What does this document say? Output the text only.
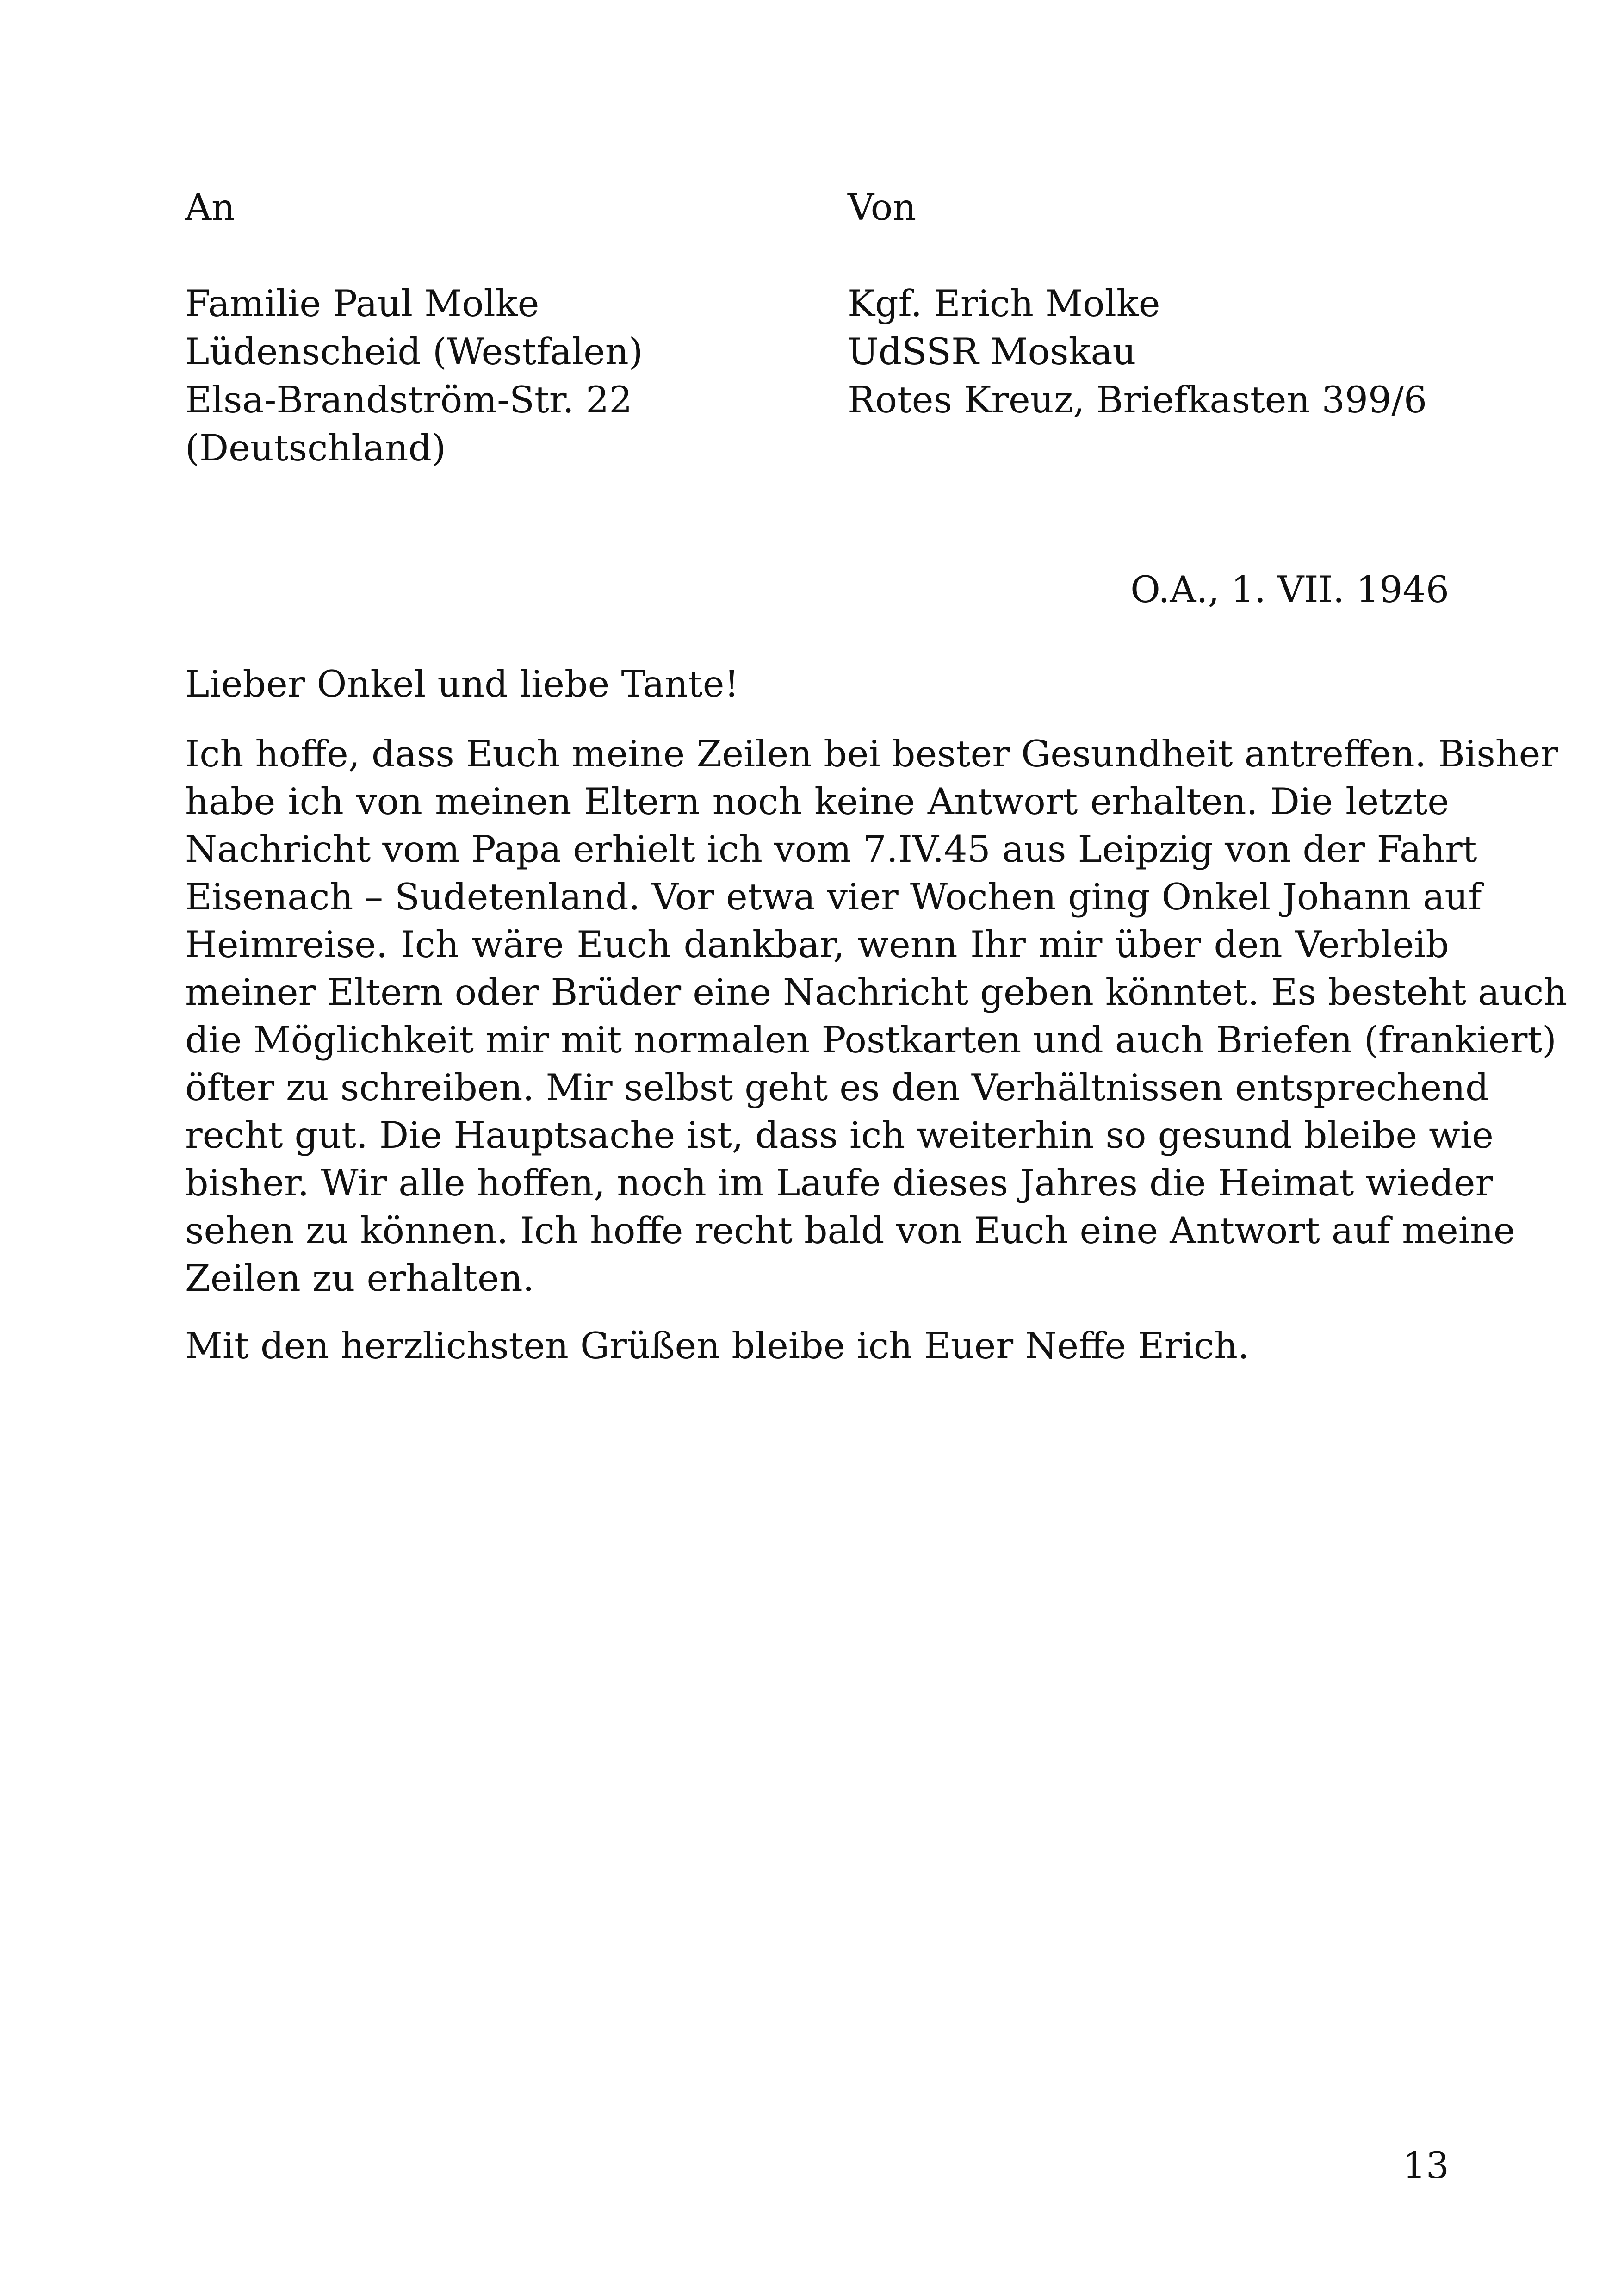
An

Familie Paul Molke

Lüdenscheid (Westfalen)

Elsa-Brandström-Str. 22

(Deutschland)

Von

Kgf. Erich Molke

UdSSR Moskau

Rotes Kreuz, Briefkasten 399/6

O.A., 1. VII. 1946

Lieber Onkel und liebe Tante!

Ich hoffe, dass Euch meine Zeilen bei bester Gesundheit antreffen. Bisher
habe ich von meinen Eltern noch keine Antwort erhalten. Die letzte
Nachricht vom Papa erhielt ich vom 7.IV.45 aus Leipzig von der Fahrt
Eisenach – Sudetenland. Vor etwa vier Wochen ging Onkel Johann auf
Heimreise. Ich wäre Euch dankbar, wenn Ihr mir über den Verbleib
meiner Eltern oder Brüder eine Nachricht geben könntet. Es besteht auch
die Möglichkeit mir mit normalen Postkarten und auch Briefen (frankiert)
öfter zu schreiben. Mir selbst geht es den Verhältnissen entsprechend
recht gut. Die Hauptsache ist, dass ich weiterhin so gesund bleibe wie
bisher. Wir alle hoffen, noch im Laufe dieses Jahres die Heimat wieder
sehen zu können. Ich hoffe recht bald von Euch eine Antwort auf meine
Zeilen zu erhalten.

Mit den herzlichsten Grüßen bleibe ich Euer Neffe Erich.

13
